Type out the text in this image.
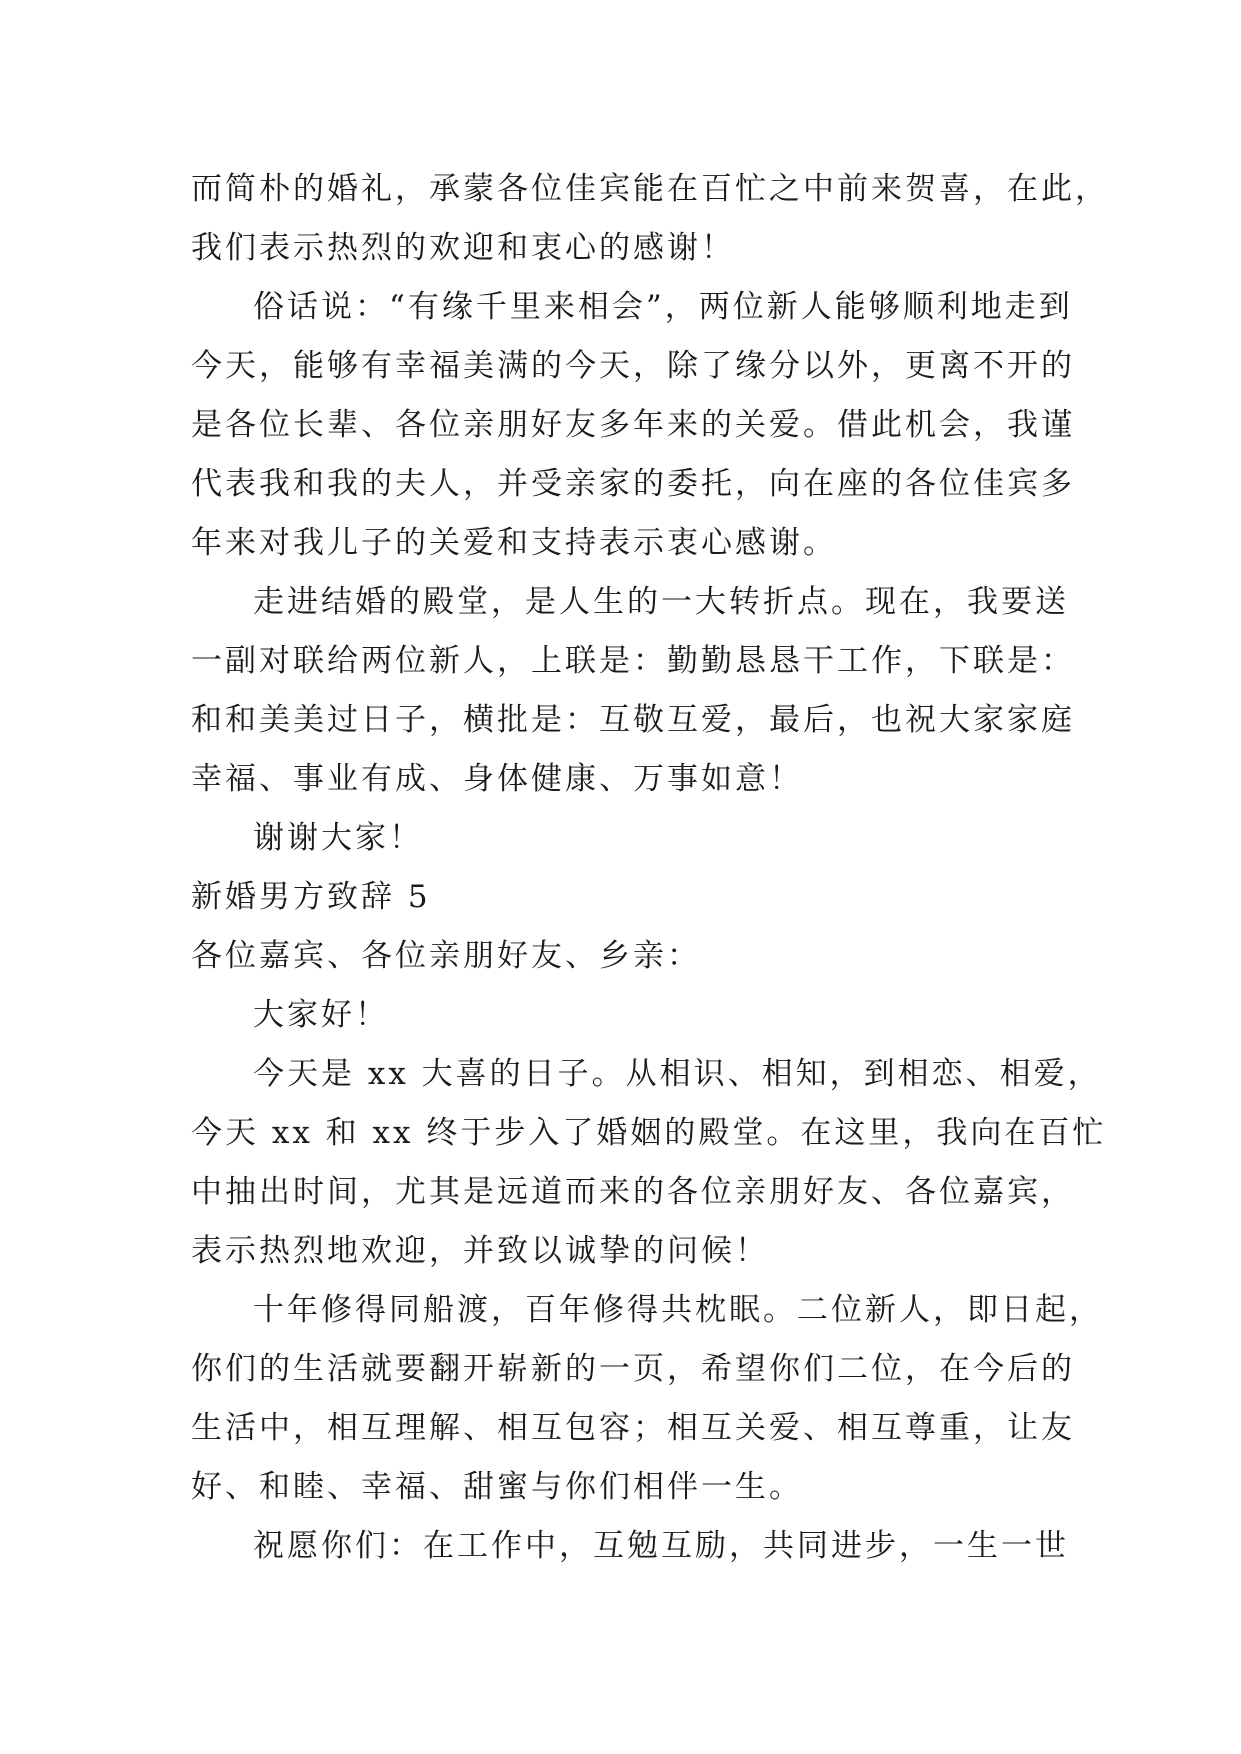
而简朴的婚礼，承蒙各位佳宾能在百忙之中前来贺喜，在此，
我们表示热烈的欢迎和衷心的感谢！
俗话说：“有缘千里来相会”，两位新人能够顺利地走到
今天，能够有幸福美满的今天，除了缘分以外，更离不开的
是各位长辈、各位亲朋好友多年来的关爱。借此机会，我谨
代表我和我的夫人，并受亲家的委托，向在座的各位佳宾多
年来对我儿子的关爱和支持表示衷心感谢。
走进结婚的殿堂，是人生的一大转折点。现在，我要送
一副对联给两位新人，上联是：勤勤恳恳干工作，下联是：
和和美美过日子，横批是：互敬互爱，最后，也祝大家家庭
幸福、事业有成、身体健康、万事如意！
谢谢大家！
新婚男方致辞 5
各位嘉宾、各位亲朋好友、乡亲：
大家好！
今天是 xx 大喜的日子。从相识、相知，到相恋、相爱，
今天 xx 和 xx 终于步入了婚姻的殿堂。在这里，我向在百忙
中抽出时间，尤其是远道而来的各位亲朋好友、各位嘉宾，
表示热烈地欢迎，并致以诚挚的问候！
十年修得同船渡，百年修得共枕眠。二位新人，即日起，
你们的生活就要翻开崭新的一页，希望你们二位，在今后的
生活中，相互理解、相互包容；相互关爱、相互尊重，让友
好、和睦、幸福、甜蜜与你们相伴一生。
祝愿你们：在工作中，互勉互励，共同进步，一生一世
